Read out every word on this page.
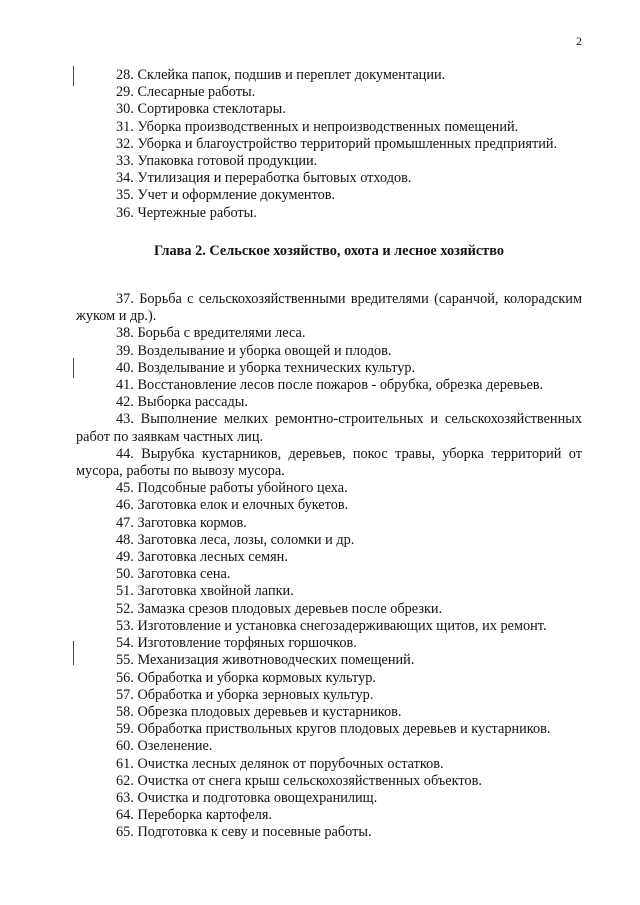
2

28. Склейка папок, подшив и переплет документации.

29. Слесарные работы.

30. Сортировка стеклотары.

31. Уборка производственных и непроизводственных помещений.

32. Уборка и благоустройство территорий промышленных предприятий.

33. Упаковка готовой продукции.

34. Утилизация и переработка бытовых отходов.

35. Учет и оформление документов.

36. Чертежные работы.

Глава 2. Сельское хозяйство, охота и лесное хозяйство

37. Борьба с сельскохозяйственными вредителями (саранчой, колорадским жуком и др.).

38. Борьба с вредителями леса.

39. Возделывание и уборка овощей и плодов.

40. Возделывание и уборка технических культур.

41. Восстановление лесов после пожаров - обрубка, обрезка деревьев.

42. Выборка рассады.

43. Выполнение мелких ремонтно-строительных и сельскохозяйственных работ по заявкам частных лиц.

44. Вырубка кустарников, деревьев, покос травы, уборка территорий от мусора, работы по вывозу мусора.

45. Подсобные работы убойного цеха.

46. Заготовка елок и елочных букетов.

47. Заготовка кормов.

48. Заготовка леса, лозы, соломки и др.

49. Заготовка лесных семян.

50. Заготовка сена.

51. Заготовка хвойной лапки.

52. Замазка срезов плодовых деревьев после обрезки.

53. Изготовление и установка снегозадерживающих щитов, их ремонт.

54. Изготовление торфяных горшочков.

55. Механизация животноводческих помещений.

56. Обработка и уборка кормовых культур.

57. Обработка и уборка зерновых культур.

58. Обрезка плодовых деревьев и кустарников.

59. Обработка приствольных кругов плодовых деревьев и кустарников.

60. Озеленение.

61. Очистка лесных делянок от порубочных остатков.

62. Очистка от снега крыш сельскохозяйственных объектов.

63. Очистка и подготовка овощехранилищ.

64. Переборка картофеля.

65. Подготовка к севу и посевные работы.
